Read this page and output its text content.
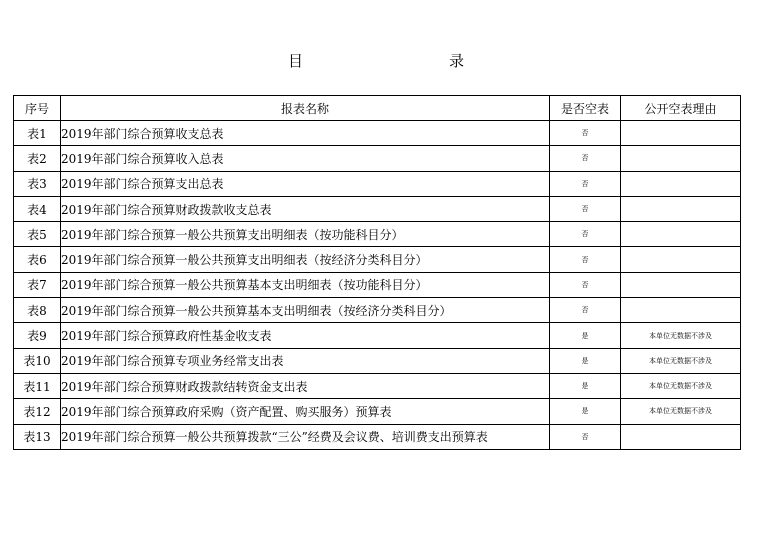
目	录
序号	报表名称	是否空表	公开空表理由
表1	2019年部门综合预算收支总表	否	
表2	2019年部门综合预算收入总表	否	
表3	2019年部门综合预算支出总表	否	
表4	2019年部门综合预算财政拨款收支总表	否	
表5	2019年部门综合预算一般公共预算支出明细表（按功能科目分）	否	
表6	2019年部门综合预算一般公共预算支出明细表（按经济分类科目分）	否	
表7	2019年部门综合预算一般公共预算基本支出明细表（按功能科目分）	否	
表8	2019年部门综合预算一般公共预算基本支出明细表（按经济分类科目分）	否	
表9	2019年部门综合预算政府性基金收支表	是	本单位无数据不涉及
表10	2019年部门综合预算专项业务经常支出表	是	本单位无数据不涉及
表11	2019年部门综合预算财政拨款结转资金支出表	是	本单位无数据不涉及
表12	2019年部门综合预算政府采购（资产配置、购买服务）预算表	是	本单位无数据不涉及
表13	2019年部门综合预算一般公共预算拨款“三公”经费及会议费、培训费支出预算表	否	
